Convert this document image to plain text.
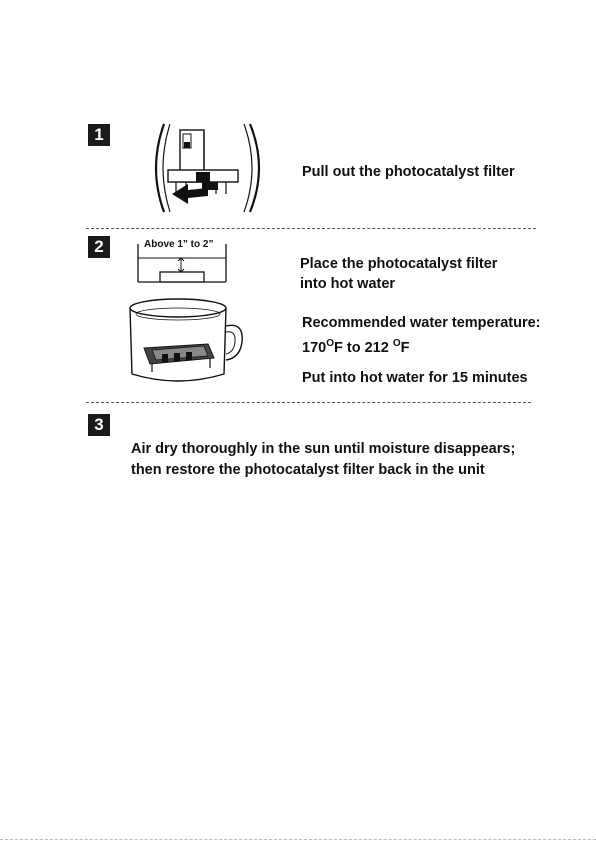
1
Pull out the photocatalyst filter
2	Above 1” to 2”
Place the photocatalyst filter
into hot water
Recommended water temperature:
$170^OF$ to 212 $^O$F
Put into hot water for 15 minutes
3
Air dry thoroughly in the sun until moisture disappears;
then restore the photocatalyst filter back in the unit
